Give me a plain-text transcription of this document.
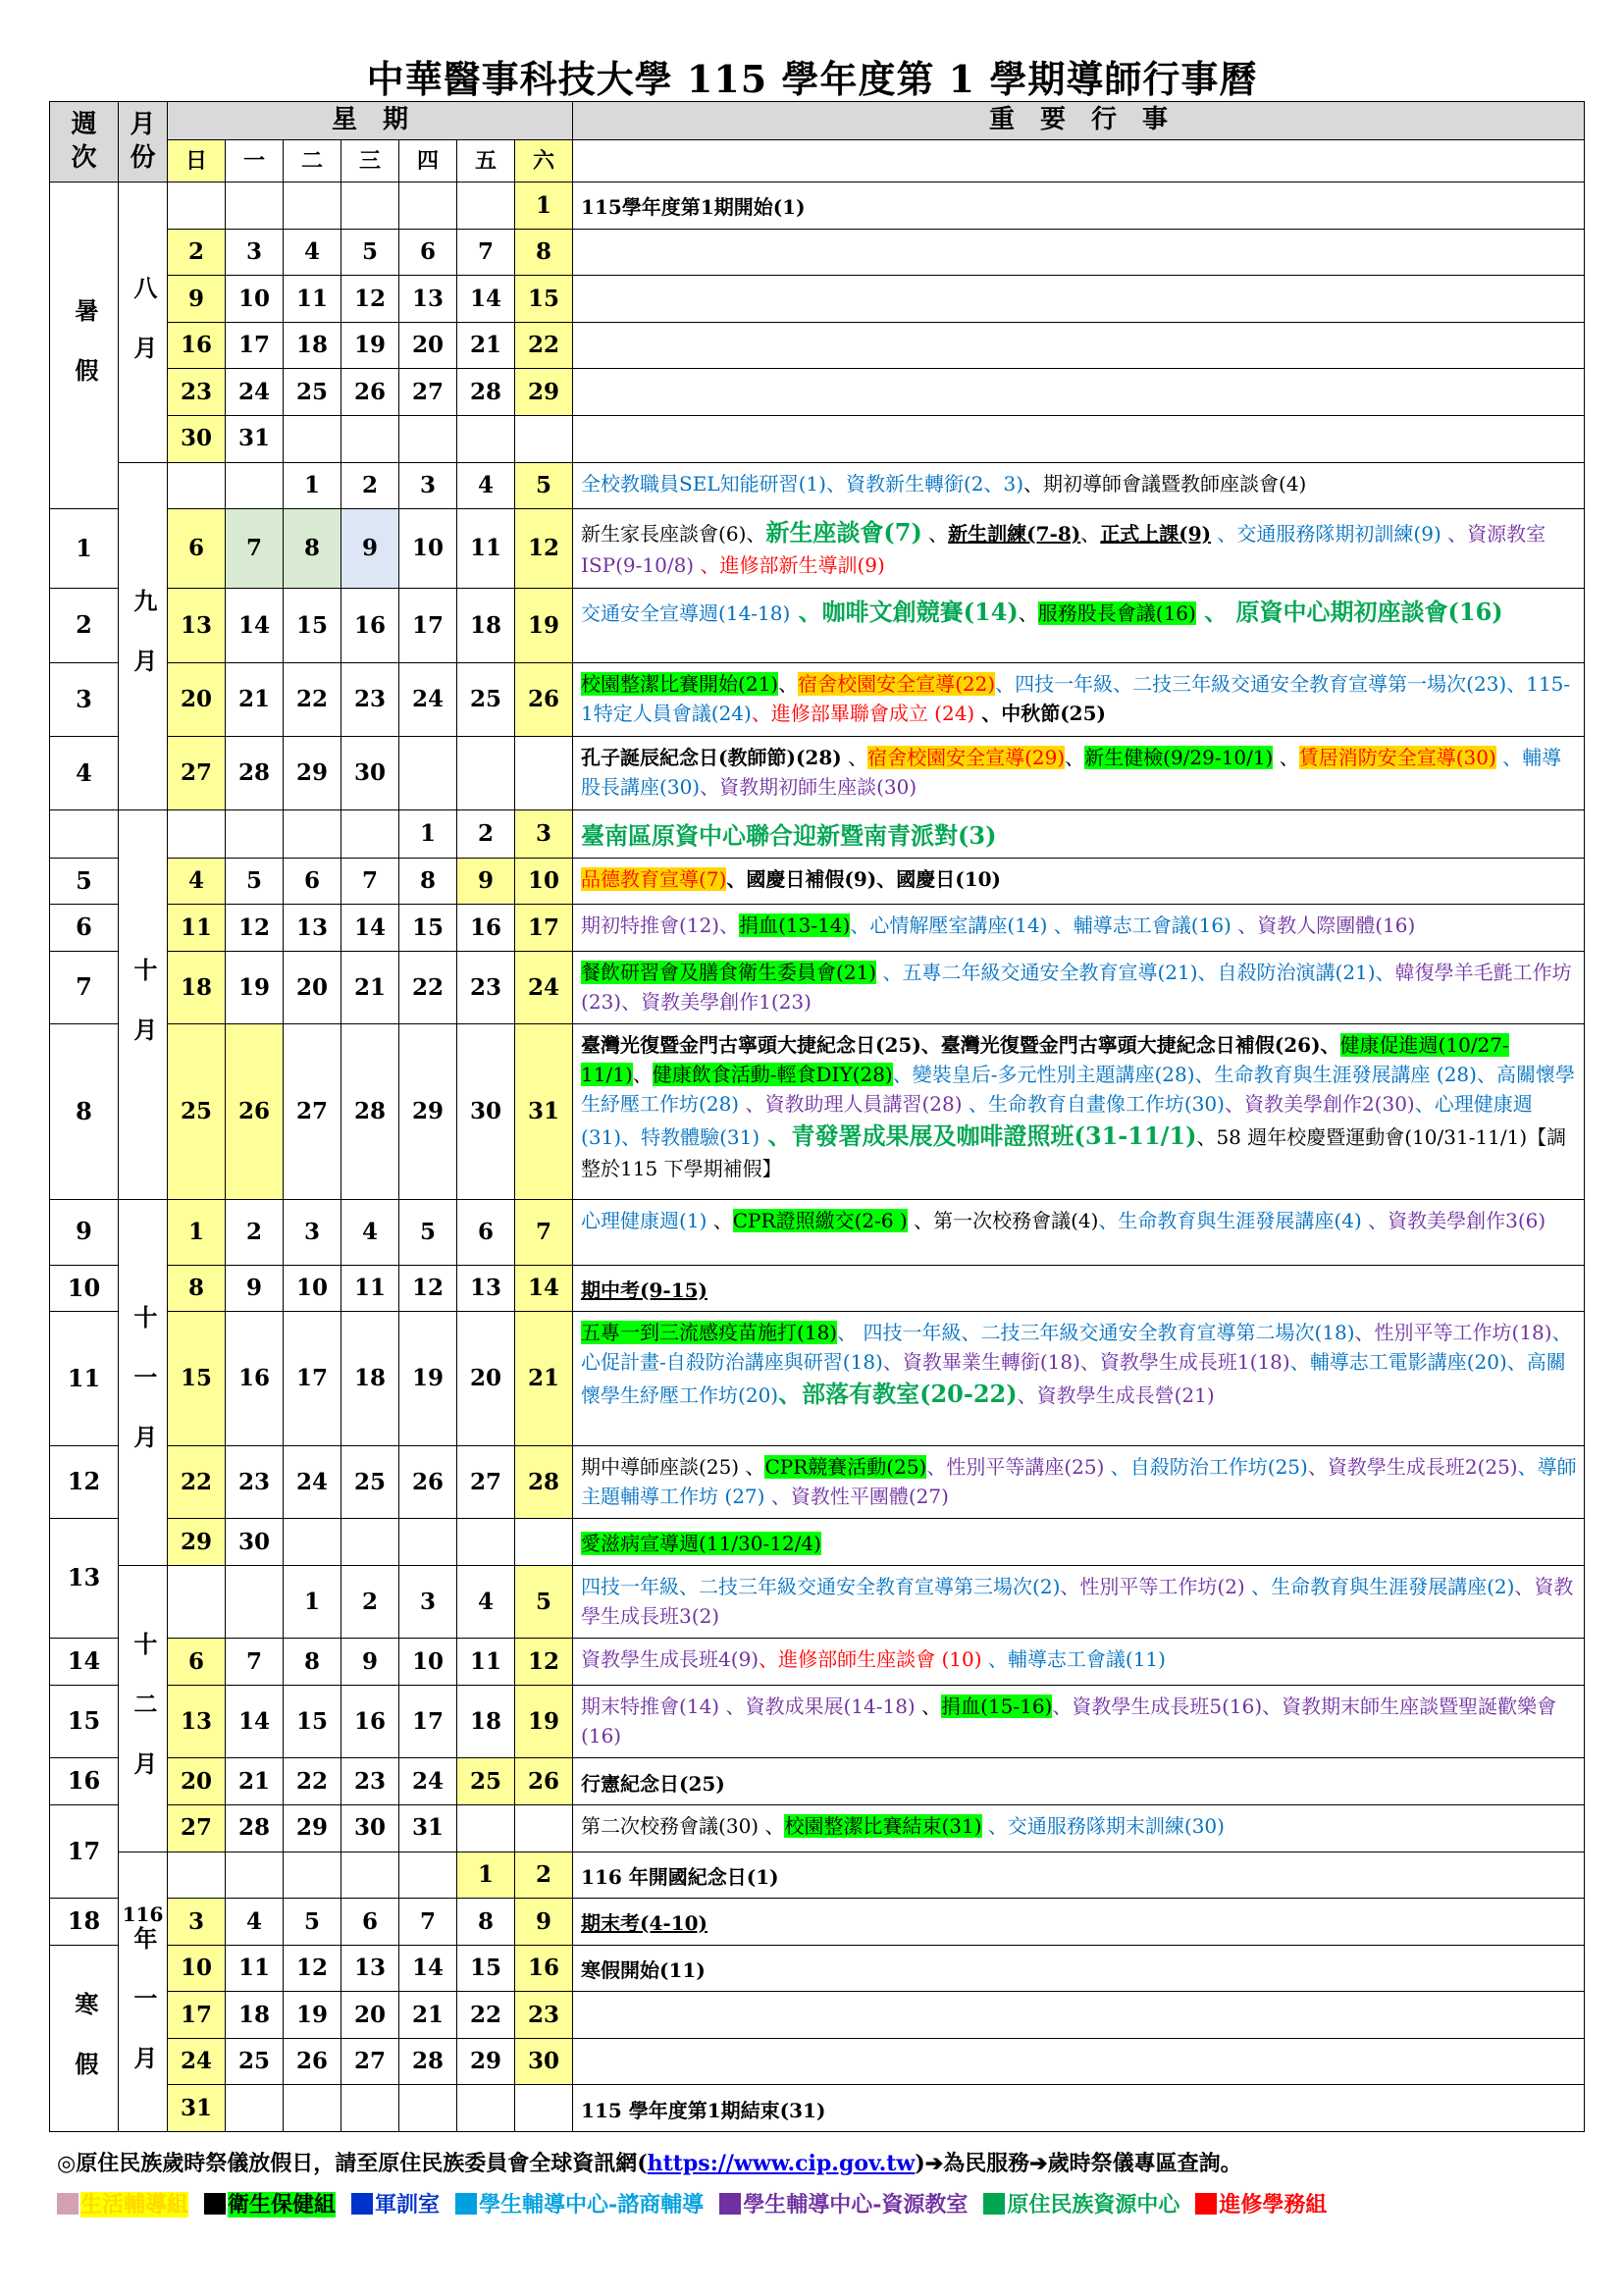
中華醫事科技大學 115 學年度第 1 學期導師行事曆
週 次	月 份	星　期							重　要　行　事
		日	一	二	三	四	五	六	
暑 假	八 月							1	115學年度第1期開始(1)
		2	3	4	5	6	7	8	
		9	10	11	12	13	14	15	
		16	17	18	19	20	21	22	
		23	24	25	26	27	28	29	
		30	31						
	九 月			1	2	3	4	5	全校教職員SEL知能研習(1)、資教新生轉銜(2、3)、期初導師會議暨教師座談會(4)
1		6	7	8	9	10	11	12	新生家長座談會(6)、新生座談會(7) 、新生訓練(7-8)、正式上課(9) 、交通服務隊期初訓練(9) 、資源教室ISP(9-10/8) 、進修部新生導訓(9)
2		13	14	15	16	17	18	19	交通安全宣導週(14-18) 、咖啡文創競賽(14)、服務股長會議(16) 、 原資中心期初座談會(16)
3		20	21	22	23	24	25	26	校園整潔比賽開始(21)、宿舍校園安全宣導(22)、四技一年級、二技三年級交通安全教育宣導第一場次(23)、115-1特定人員會議(24)、進修部畢聯會成立 (24) 、中秋節(25)
4		27	28	29	30				孔子誕辰紀念日(教師節)(28) 、宿舍校園安全宣導(29)、新生健檢(9/29-10/1) 、賃居消防安全宣導(30) 、輔導股長講座(30)、資教期初師生座談(30)
	十 月					1	2	3	臺南區原資中心聯合迎新暨南青派對(3)
5		4	5	6	7	8	9	10	品德教育宣導(7)、國慶日補假(9)、國慶日(10)
6		11	12	13	14	15	16	17	期初特推會(12)、捐血(13-14)、心情解壓室講座(14) 、輔導志工會議(16) 、資教人際團體(16)
7		18	19	20	21	22	23	24	餐飲研習會及膳食衛生委員會(21) 、五專二年級交通安全教育宣導(21)、自殺防治演講(21)、韓復學羊毛氈工作坊(23)、資教美學創作1(23)
8		25	26	27	28	29	30	31	臺灣光復暨金門古寧頭大捷紀念日(25)、臺灣光復暨金門古寧頭大捷紀念日補假(26)、健康促進週(10/27-11/1)、健康飲食活動-輕食DIY(28)、變裝皇后-多元性別主題講座(28)、生命教育與生涯發展講座 (28)、高關懷學生紓壓工作坊(28) 、資教助理人員講習(28) 、生命教育自畫像工作坊(30)、資教美學創作2(30)、心理健康週(31)、特教體驗(31) 、青發署成果展及咖啡證照班(31-11/1)、58 週年校慶暨運動會(10/31-11/1)【調整於115 下學期補假】
9	十 一 月	1	2	3	4	5	6	7	心理健康週(1) 、CPR證照繳交(2-6 ) 、第一次校務會議(4)、生命教育與生涯發展講座(4) 、資教美學創作3(6)
10		8	9	10	11	12	13	14	期中考(9-15)
11		15	16	17	18	19	20	21	五專一到三流感疫苗施打(18)、 四技一年級、二技三年級交通安全教育宣導第二場次(18)、性別平等工作坊(18)、心促計畫-自殺防治講座與研習(18)、資教畢業生轉銜(18)、資教學生成長班1(18)、輔導志工電影講座(20)、高關懷學生紓壓工作坊(20)、部落有教室(20-22)、資教學生成長營(21)
12		22	23	24	25	26	27	28	期中導師座談(25) 、CPR競賽活動(25)、性別平等講座(25) 、自殺防治工作坊(25)、資教學生成長班2(25)、導師主題輔導工作坊 (27) 、資教性平團體(27)
13		29	30						愛滋病宣導週(11/30-12/4)
	十 二 月			1	2	3	4	5	四技一年級、二技三年級交通安全教育宣導第三場次(2)、性別平等工作坊(2) 、生命教育與生涯發展講座(2)、資教學生成長班3(2)
14		6	7	8	9	10	11	12	資教學生成長班4(9)、進修部師生座談會 (10) 、輔導志工會議(11)
15		13	14	15	16	17	18	19	期末特推會(14) 、資教成果展(14-18) 、捐血(15-16)、資教學生成長班5(16)、資教期末師生座談暨聖誕歡樂會(16)
16		20	21	22	23	24	25	26	行憲紀念日(25)
17		27	28	29	30	31			第二次校務會議(30) 、校園整潔比賽結束(31) 、交通服務隊期末訓練(30)

	116
年 一 月						1	2	116 年開國紀念日(1)
18		3	4	5	6	7	8	9	期末考(4-10)
寒 假		10	11	12	13	14	15	16	寒假開始(11)
		17	18	19	20	21	22	23	
		24	25	26	27	28	29	30	
		31							115 學年度第1期結束(31)
◎原住民族歲時祭儀放假日，請至原住民族委員會全球資訊網(https://www.cip.gov.tw)➔為民服務➔歲時祭儀專區查詢。
生活輔導組	衛生保健組	軍訓室	學生輔導中心-諮商輔導	學生輔導中心-資源教室	原住民族資源中心	進修學務組
